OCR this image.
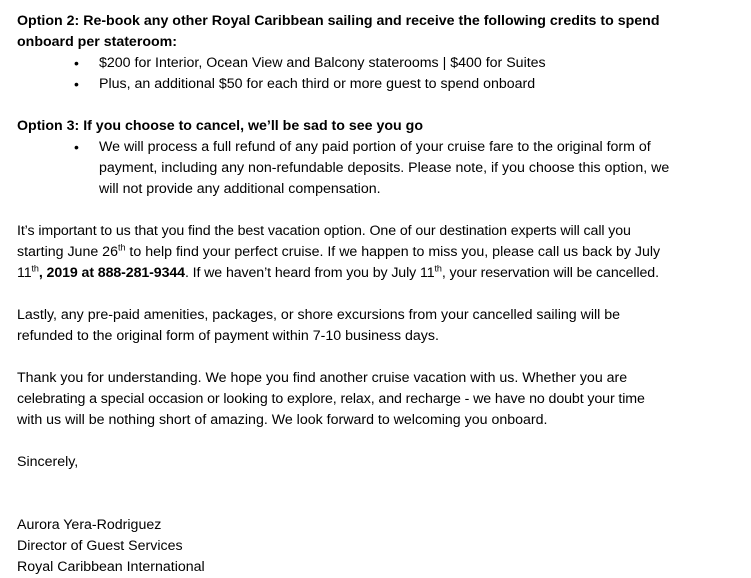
Option 2: Re-book any other Royal Caribbean sailing and receive the following credits to spend

onboard per stateroom:

• $200 for Interior, Ocean View and Balcony staterooms | $400 for Suites
• Plus, an additional $50 for each third or more guest to spend onboard

Option 3: If you choose to cancel, we’ll be sad to see you go

• We will process a full refund of any paid portion of your cruise fare to the original form of
payment, including any non-refundable deposits. Please note, if you choose this option, we
will not provide any additional compensation.

It’s important to us that you find the best vacation option. One of our destination experts will call you

starting June 26th to help find your perfect cruise. If we happen to miss you, please call us back by July

11th, 2019 at 888-281-9344. If we haven’t heard from you by July 11th, your reservation will be cancelled.

Lastly, any pre-paid amenities, packages, or shore excursions from your cancelled sailing will be

refunded to the original form of payment within 7-10 business days.

Thank you for understanding. We hope you find another cruise vacation with us. Whether you are

celebrating a special occasion or looking to explore, relax, and recharge - we have no doubt your time

with us will be nothing short of amazing. We look forward to welcoming you onboard.

Sincerely,

Aurora Yera-Rodriguez

Director of Guest Services

Royal Caribbean International
